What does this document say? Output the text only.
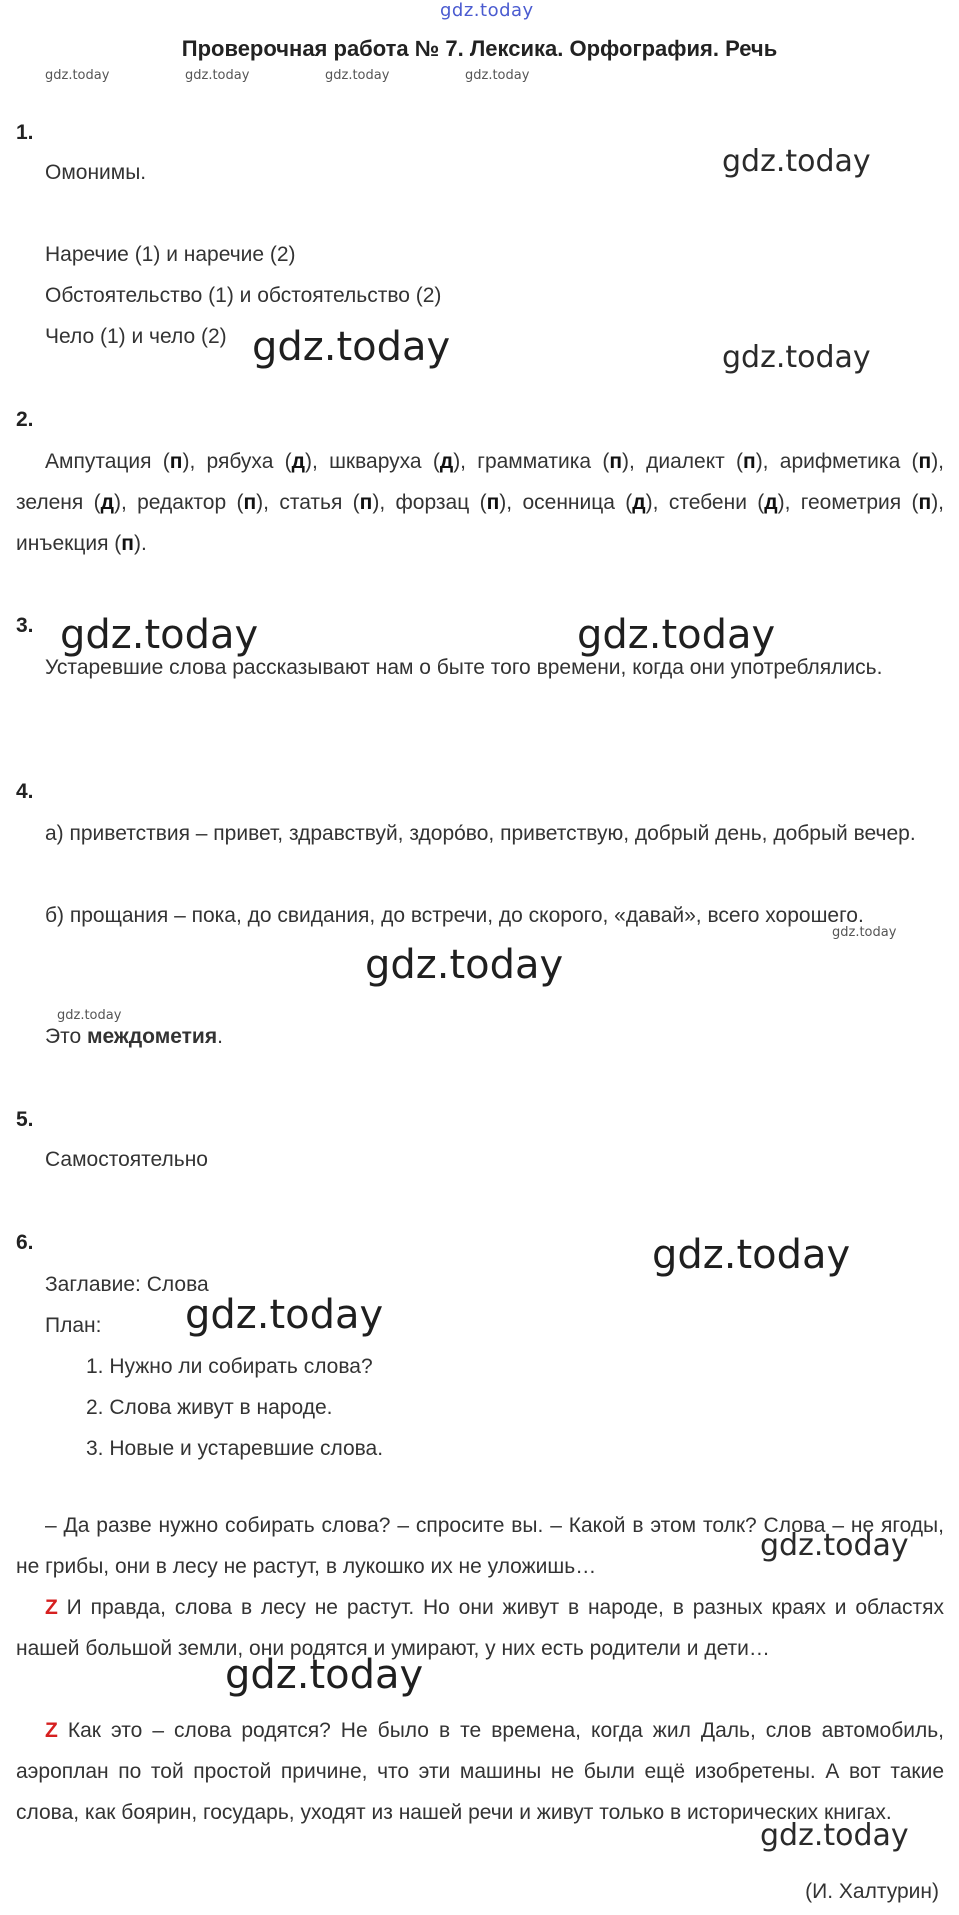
gdz.today
Проверочная работа № 7. Лексика. Орфография. Речь
gdz.today	gdz.today	gdz.today	gdz.today
1.
Омонимы.	gdz.today
Наречие (1) и наречие (2)
Обстоятельство (1) и обстоятельство (2)
Чело (1) и чело (2) gdz.today	gdz.today
2.
Ампутация (п), рябуха (д), шкваруха (д), грамматика (п), диалект (п), арифметика (п), зеленя (д), редактор (п), статья (п), форзац (п), осенница (д), стебени (д), геометрия (п), инъекция (п).
3. gdz.today	gdz.today
Устаревшие слова рассказывают нам о быте того времени, когда они употреблялись.
4.
а) приветствия – привет, здравствуй, здоро́во, приветствую, добрый день, добрый вечер.
б) прощания – пока, до свидания, до встречи, до скорого, «давай», всего хорошего.
gdz.today
gdz.today
gdz.today
Это междометия.
5.
Самостоятельно
6.	gdz.today
Заглавие: Слова
План: gdz.today
1. Нужно ли собирать слова?
2. Слова живут в народе.
3. Новые и устаревшие слова.
– Да разве нужно собирать слова? – спросите вы. – Какой в этом толк? Слова – не ягоды, не грибы, они в лесу не растут, в лукошко их не уложишь…
gdz.today
Z И правда, слова в лесу не растут. Но они живут в народе, в разных краях и областях нашей большой земли, они родятся и умирают, у них есть родители и дети…
gdz.today
Z Как это – слова родятся? Не было в те времена, когда жил Даль, слов автомобиль, аэроплан по той простой причине, что эти машины не были ещё изобретены. А вот такие слова, как боярин, государь, уходят из нашей речи и живут только в исторических книгах.
gdz.today
(И. Халтурин)
